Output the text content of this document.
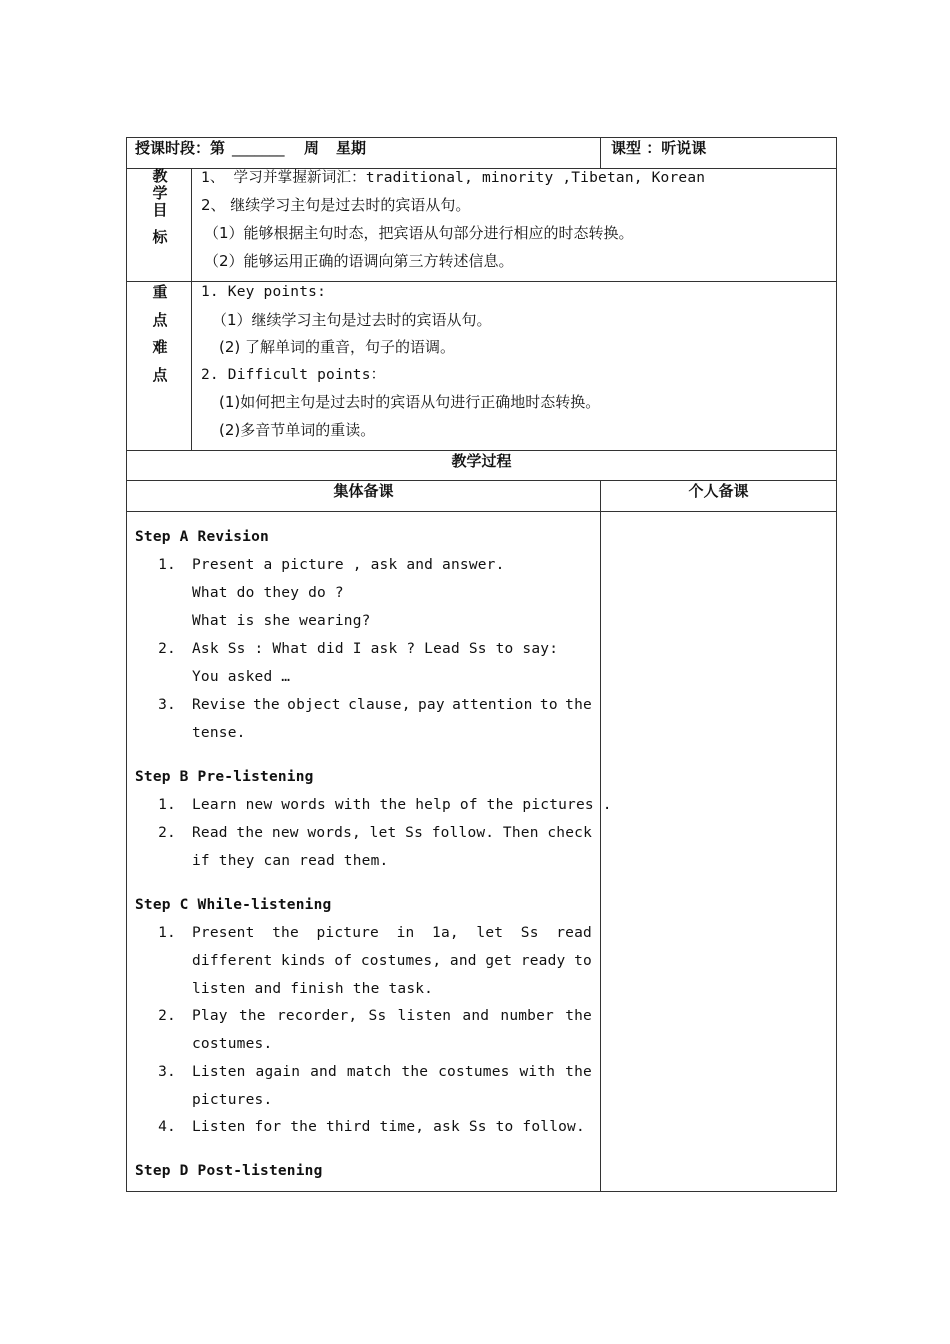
授课时段：第 _______ 周 星期	课型 ：听说课
教
学
目
标
1、 学习并掌握新词汇：traditional, minority ,Tibetan, Korean
2、 继续学习主句是过去时的宾语从句。
（1）能够根据主句时态，把宾语从句部分进行相应的时态转换。
（2）能够运用正确的语调向第三方转述信息。
重
点
难
点
1. Key points:
（1）继续学习主句是过去时的宾语从句。
(2) 了解单词的重音，句子的语调。
2. Difficult points：
(1)如何把主句是过去时的宾语从句进行正确地时态转换。
(2)多音节单词的重读。
教学过程
集体备课	个人备课
Step A Revision
1. Present a picture , ask and answer.
What do they do ?
What is she wearing?
2. Ask Ss : What did I ask ? Lead Ss to say:
You asked …
3. Revise the object clause, pay attention to the
tense.
Step B Pre-listening
1. Learn new words with the help of the pictures .
2. Read the new words, let Ss follow. Then check
if they can read them.
Step C While-listening
1. Present the picture in 1a, let Ss read
different kinds of costumes, and get ready to
listen and finish the task.
2. Play the recorder, Ss listen and number the
costumes.
3. Listen again and match the costumes with the
pictures.
4. Listen for the third time, ask Ss to follow.
Step D Post-listening
